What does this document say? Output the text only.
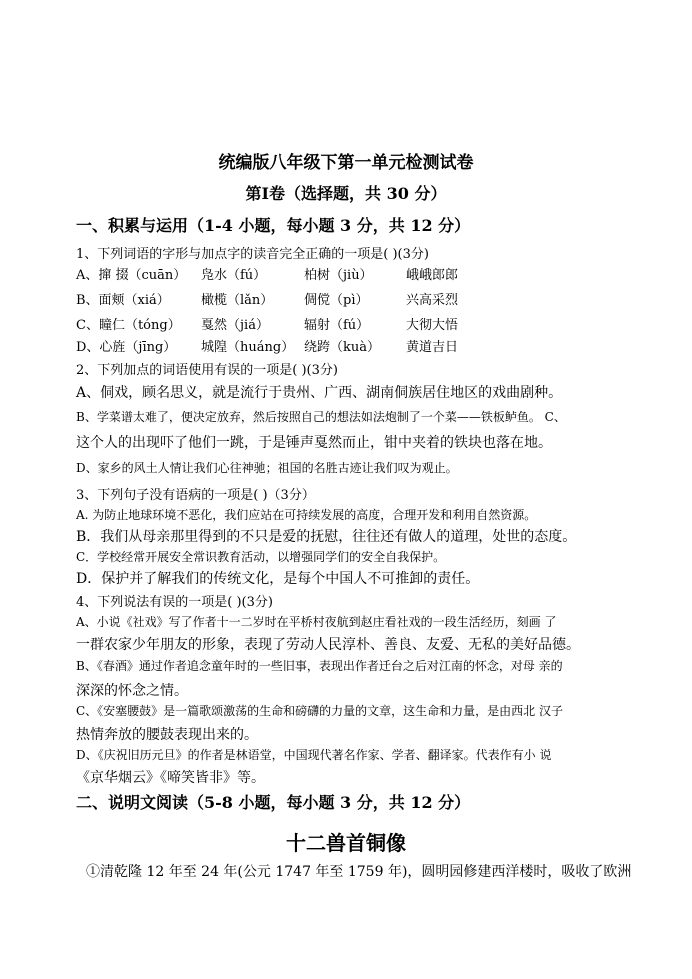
统编版八年级下第一单元检测试卷
第Ⅰ卷（选择题，共 30 分）
一、积累与运用（1-4 小题，每小题 3 分，共 12 分）
1、下列词语的字形与加点字的读音完全正确的一项是( )(3分)
A、撺 掇（cuān） 凫水（fú）	柏树（jiù）	峨峨郎郎
B、面颊（xiá） 橄榄（lǎn） 倜傥（pì）	兴高采烈
C、瞳仁（tóng） 戛然（jiá）	辐射（fú）	大彻大悟
D、心旌（jīng） 城隍（huáng） 绕跨（kuà） 黄道吉日
2、下列加点的词语使用有误的一项是( )(3分)
A、侗戏，顾名思义，就是流行于贵州、广西、湖南侗族居住地区的戏曲剧种。
B、学菜谱太难了，便决定放弃，然后按照自己的想法如法炮制了一个菜——铁板鲈鱼。 C、
这个人的出现吓了他们一跳，于是锤声戛然而止，钳中夹着的铁块也落在地。
D、家乡的风土人情让我们心往神驰；祖国的名胜古迹让我们叹为观止。
3、下列句子没有语病的一项是( )（3分）
A. 为防止地球环境不恶化，我们应站在可持续发展的高度，合理开发和利用自然资源。
B．我们从母亲那里得到的不只是爱的抚慰，往往还有做人的道理，处世的态度。
C．学校经常开展安全常识教育活动，以增强同学们的安全自我保护。
D．保护并了解我们的传统文化，是每个中国人不可推卸的责任。
4、下列说法有误的一项是( )(3分)
A、小说《社戏》写了作者十一二岁时在平桥村夜航到赵庄看社戏的一段生活经历，刻画 了
一群农家少年朋友的形象，表现了劳动人民淳朴、善良、友爱、无私的美好品德。
B、《春酒》通过作者追念童年时的一些旧事，表现出作者迁台之后对江南的怀念，对母 亲的
深深的怀念之情。
C、《安塞腰鼓》是一篇歌颂激荡的生命和磅礴的力量的文章，这生命和力量，是由西北 汉子
热情奔放的腰鼓表现出来的。
D、《庆祝旧历元旦》的作者是林语堂，中国现代著名作家、学者、翻译家。代表作有小 说
《京华烟云》《啼笑皆非》等。
二、说明文阅读（5-8 小题，每小题 3 分，共 12 分）
十二兽首铜像
①清乾隆 12 年至 24 年(公元 1747 年至 1759 年)，圆明园修建西洋楼时，吸收了欧洲
